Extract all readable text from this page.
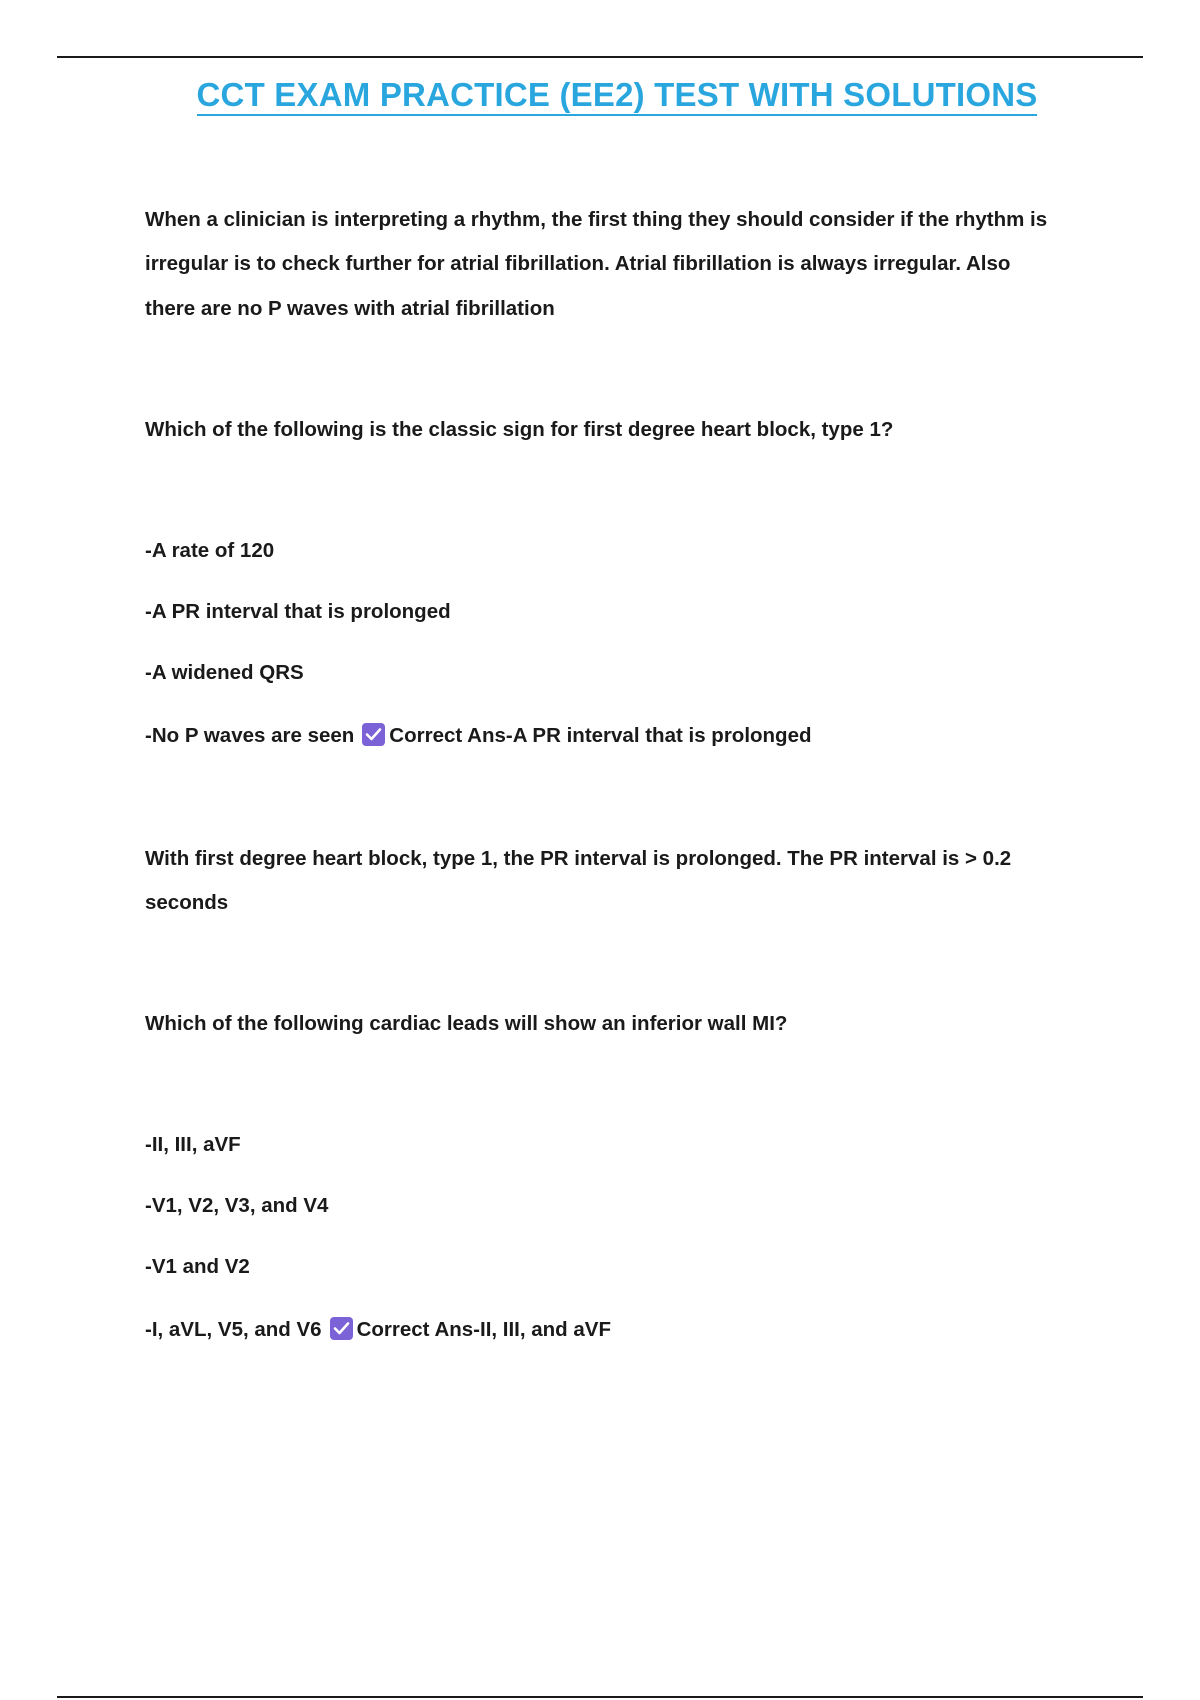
CCT EXAM PRACTICE (EE2) TEST WITH SOLUTIONS
When a clinician is interpreting a rhythm, the first thing they should consider if the rhythm is
irregular is to check further for atrial fibrillation. Atrial fibrillation is always irregular. Also
there are no P waves with atrial fibrillation
Which of the following is the classic sign for first degree heart block, type 1?
-A rate of 120
-A PR interval that is prolonged
-A widened QRS
-No P waves are seen Correct Ans-A PR interval that is prolonged
With first degree heart block, type 1, the PR interval is prolonged. The PR interval is > 0.2
seconds
Which of the following cardiac leads will show an inferior wall MI?
-II, III, aVF
-V1, V2, V3, and V4
-V1 and V2
-I, aVL, V5, and V6 Correct Ans-II, III, and aVF
